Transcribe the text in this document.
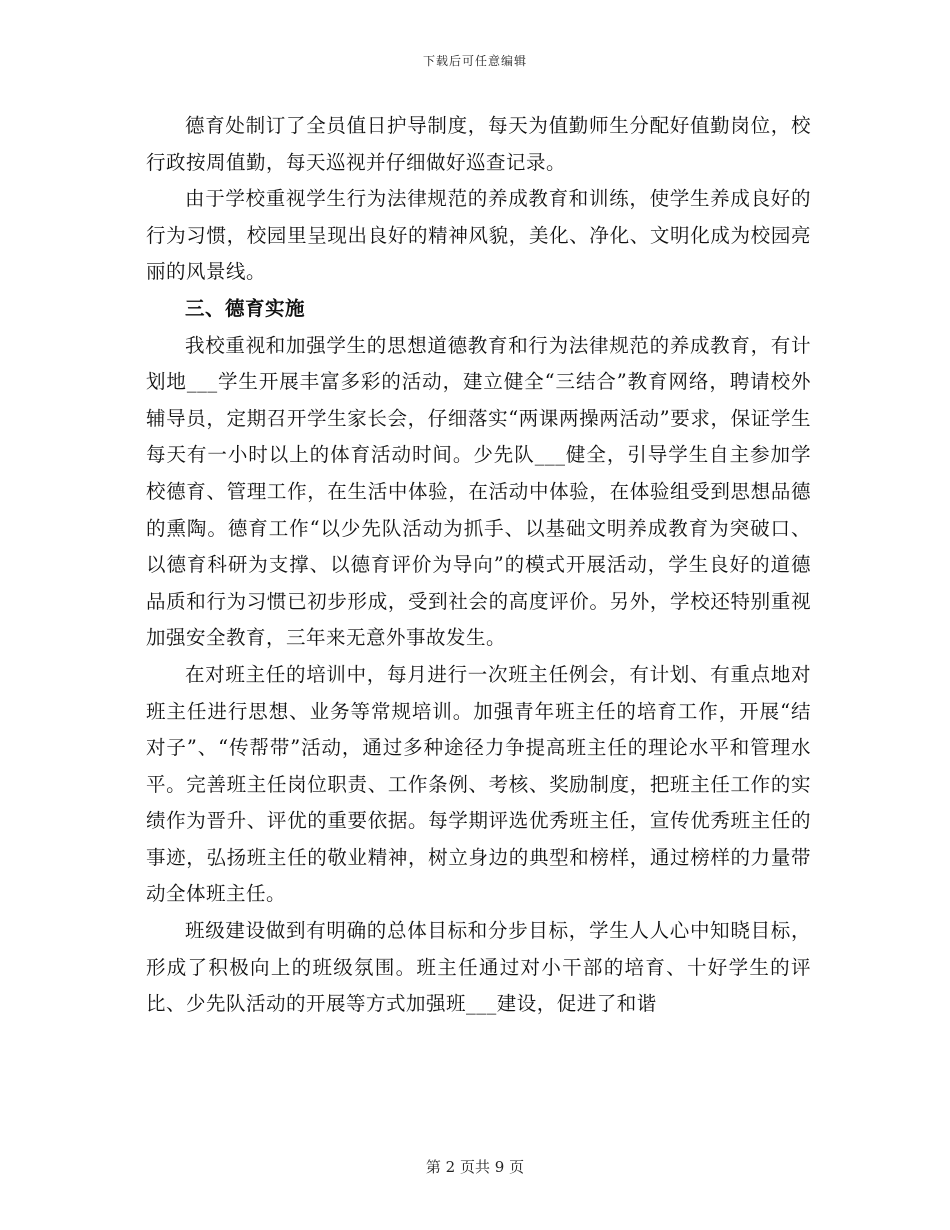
下载后可任意编辑

德育处制订了全员值日护导制度，每天为值勤师生分配好值勤岗位，校行政按周值勤，每天巡视并仔细做好巡查记录。

由于学校重视学生行为法律规范的养成教育和训练，使学生养成良好的行为习惯，校园里呈现出良好的精神风貌，美化、净化、文明化成为校园亮丽的风景线。

三、德育实施

我校重视和加强学生的思想道德教育和行为法律规范的养成教育，有计划地___学生开展丰富多彩的活动，建立健全“三结合”教育网络，聘请校外辅导员，定期召开学生家长会，仔细落实“两课两操两活动”要求，保证学生每天有一小时以上的体育活动时间。少先队___健全，引导学生自主参加学校德育、管理工作，在生活中体验，在活动中体验，在体验组受到思想品德的熏陶。德育工作“以少先队活动为抓手、以基础文明养成教育为突破口、以德育科研为支撑、以德育评价为导向”的模式开展活动，学生良好的道德品质和行为习惯已初步形成，受到社会的高度评价。另外，学校还特别重视加强安全教育，三年来无意外事故发生。

在对班主任的培训中，每月进行一次班主任例会，有计划、有重点地对班主任进行思想、业务等常规培训。加强青年班主任的培育工作，开展“结对子”、“传帮带”活动，通过多种途径力争提高班主任的理论水平和管理水平。完善班主任岗位职责、工作条例、考核、奖励制度，把班主任工作的实绩作为晋升、评优的重要依据。每学期评选优秀班主任，宣传优秀班主任的事迹，弘扬班主任的敬业精神，树立身边的典型和榜样，通过榜样的力量带动全体班主任。

班级建设做到有明确的总体目标和分步目标，学生人人心中知晓目标，形成了积极向上的班级氛围。班主任通过对小干部的培育、十好学生的评比、少先队活动的开展等方式加强班___建设，促进了和谐

第 2 页共 9 页
